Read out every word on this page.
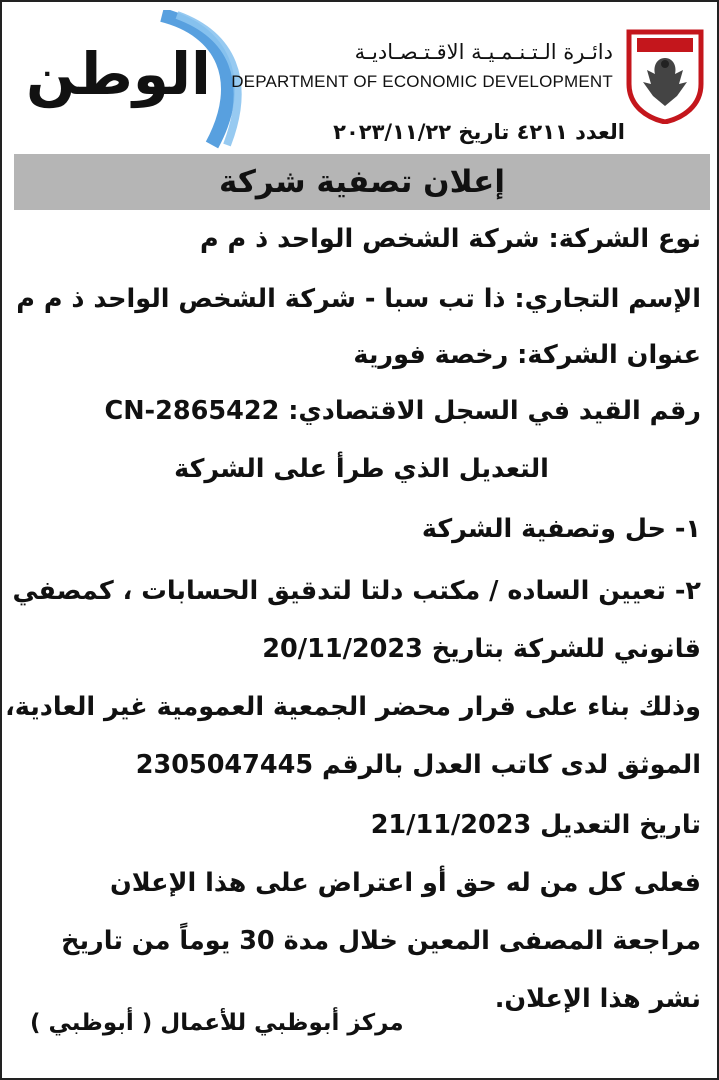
الوطن	دائـرة الـتـنـمـيـة الاقـتـصـاديـة
DEPARTMENT OF ECONOMIC DEVELOPMENT
العدد ٤٢١١ تاريخ ٢٠٢٣/١١/٢٢
إعلان تصفية شركة
نوع الشركة: شركة الشخص الواحد ذ م م
الإسم التجاري: ذا تب سبا - شركة الشخص الواحد ذ م م
عنوان الشركة: رخصة فورية
رقم القيد في السجل الاقتصادي: CN-2865422
التعديل الذي طرأ على الشركة
١- حل وتصفية الشركة
٢- تعيين الساده / مكتب دلتا لتدقيق الحسابات ، كمصفي
قانوني للشركة بتاريخ 20/11/2023
وذلك بناء على قرار محضر الجمعية العمومية غير العادية،
الموثق لدى كاتب العدل بالرقم 2305047445
تاريخ التعديل 21/11/2023
فعلى كل من له حق أو اعتراض على هذا الإعلان
مراجعة المصفى المعين خلال مدة 30 يوماً من تاريخ
نشر هذا الإعلان.
مركز أبوظبي للأعمال ( أبوظبي )
